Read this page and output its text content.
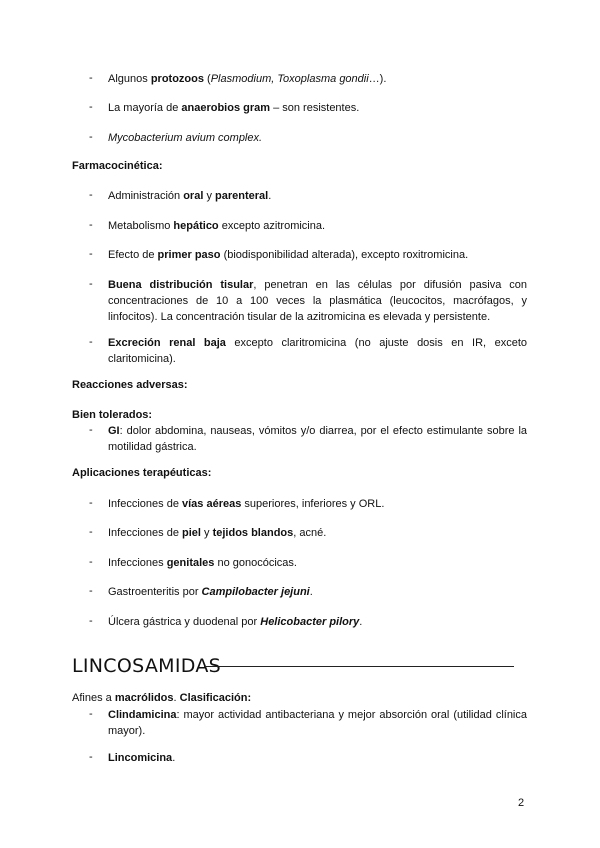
- Algunos protozoos (Plasmodium, Toxoplasma gondii…).
- La mayoría de anaerobios gram – son resistentes.
- Mycobacterium avium complex.
Farmacocinética:
- Administración oral y parenteral.
- Metabolismo hepático excepto azitromicina.
- Efecto de primer paso (biodisponibilidad alterada), excepto roxitromicina.
- Buena distribución tisular, penetran en las células por difusión pasiva con concentraciones de 10 a 100 veces la plasmática (leucocitos, macrófagos, y linfocitos). La concentración tisular de la azitromicina es elevada y persistente.
- Excreción renal baja excepto claritromicina (no ajuste dosis en IR, exceto claritomicina).
Reacciones adversas:
Bien tolerados:
- GI: dolor abdomina, nauseas, vómitos y/o diarrea, por el efecto estimulante sobre la motilidad gástrica.
Aplicaciones terapéuticas:
- Infecciones de vías aéreas superiores, inferiores y ORL.
- Infecciones de piel y tejidos blandos, acné.
- Infecciones genitales no gonocócicas.
- Gastroenteritis por Campilobacter jejuni.
- Úlcera gástrica y duodenal por Helicobacter pilory.
LINCOSAMIDAS
Afines a macrólidos. Clasificación:
- Clindamicina: mayor actividad antibacteriana y mejor absorción oral (utilidad clínica mayor).
- Lincomicina.
2
